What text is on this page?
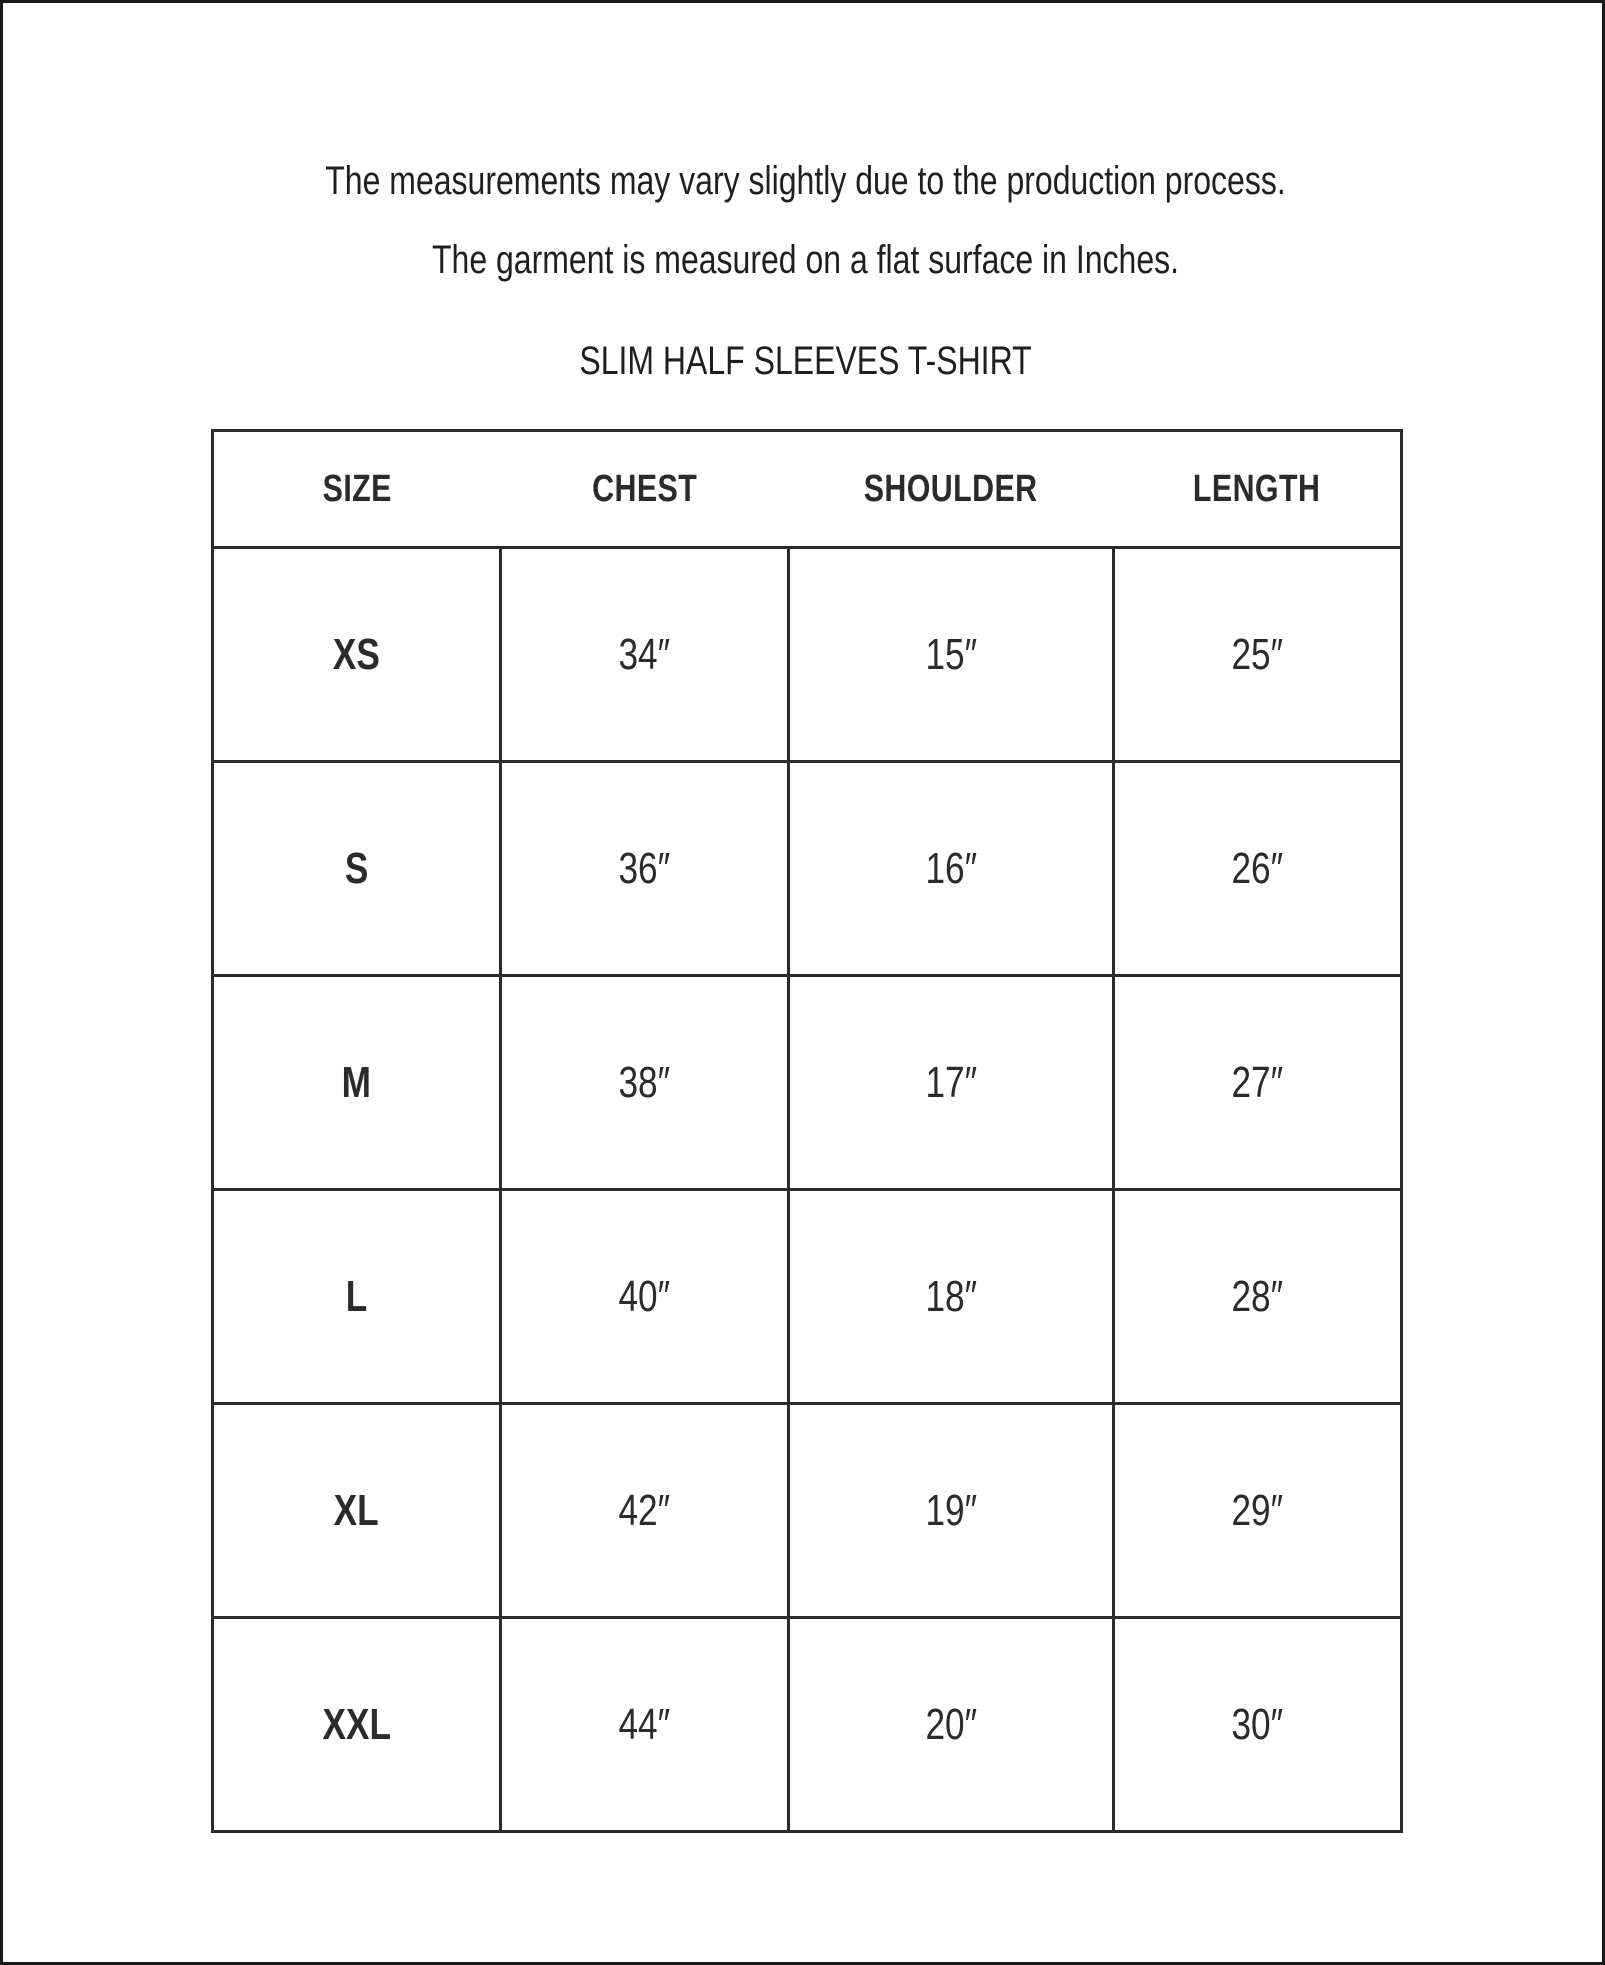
The measurements may vary slightly due to the production process.
The garment is measured on a flat surface in Inches.
SLIM HALF SLEEVES T-SHIRT
SIZE	CHEST	SHOULDER	LENGTH
XS	34″	15″	25″
S	36″	16″	26″
M	38″	17″	27″
L	40″	18″	28″
XL	42″	19″	29″
XXL	44″	20″	30″
